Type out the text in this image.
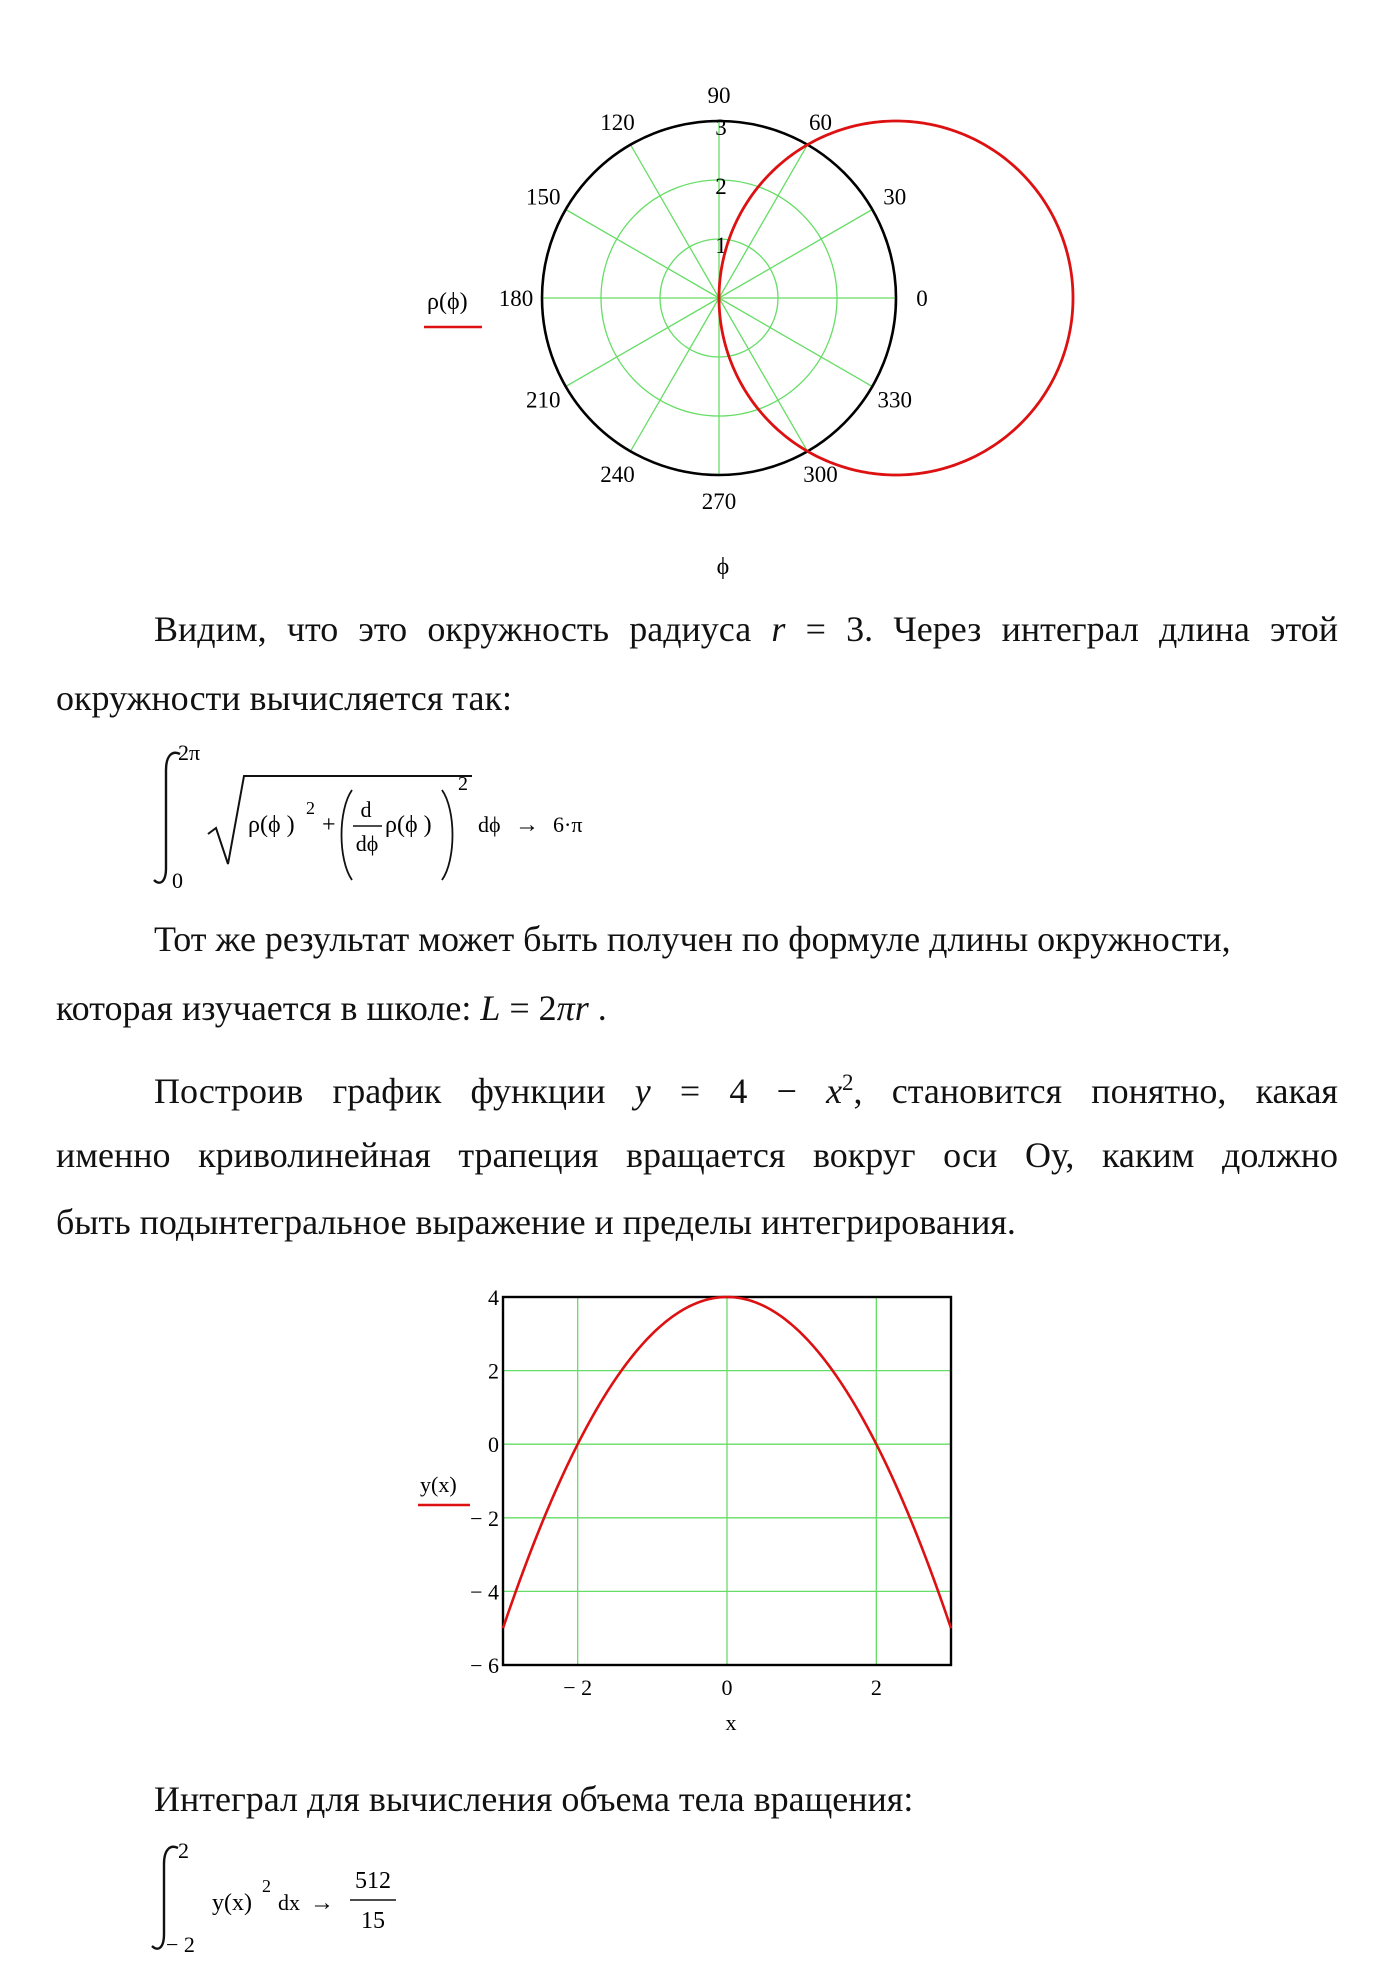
0
30
60
90
120
150
180
210
240
270
300
330
1
2
3
ρ(ϕ)
ϕ
Видим, что это окружность радиуса r = 3. Через интеграл длина этой
окружности вычисляется так:
2π
0
ρ(ϕ )
2
+
d
dϕ
ρ(ϕ )
2
dϕ → 6·π
Тот же результат может быть получен по формуле длины окружности,
которая изучается в школе: L = 2πr .
Построив график функции $y = 4 - x^2$, становится понятно, какая
именно криволинейная трапеция вращается вокруг оси Оу, каким должно
быть подынтегральное выражение и пределы интегрирования.
4
2
0
− 2
− 4
− 6
− 2	0	2
y(x)
x
Интеграл для вычисления объема тела вращения:
2
− 2
y(x)
2
dx →
512
15
